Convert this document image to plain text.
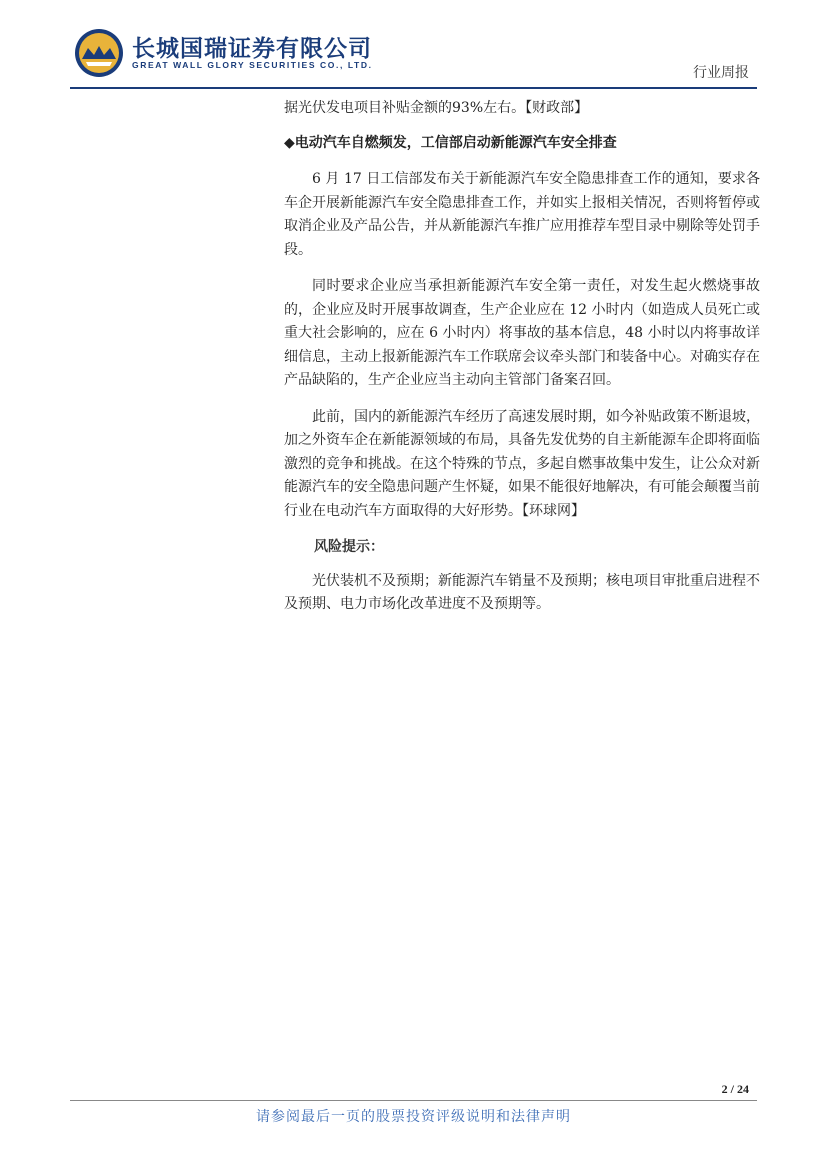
长城国瑞证券有限公司
GREAT WALL GLORY SECURITIES CO., LTD.	行业周报

据光伏发电项目补贴金额的93%左右。【财政部】

◆电动汽车自燃频发，工信部启动新能源汽车安全排查

6 月 17 日工信部发布关于新能源汽车安全隐患排查工作的通知，要求各车企开展新能源汽车安全隐患排查工作，并如实上报相关情况，否则将暂停或取消企业及产品公告，并从新能源汽车推广应用推荐车型目录中剔除等处罚手段。

同时要求企业应当承担新能源汽车安全第一责任，对发生起火燃烧事故的，企业应及时开展事故调查，生产企业应在 12 小时内（如造成人员死亡或重大社会影响的，应在 6 小时内）将事故的基本信息，48 小时以内将事故详细信息，主动上报新能源汽车工作联席会议牵头部门和装备中心。对确实存在产品缺陷的，生产企业应当主动向主管部门备案召回。

此前，国内的新能源汽车经历了高速发展时期，如今补贴政策不断退坡，加之外资车企在新能源领域的布局，具备先发优势的自主新能源车企即将面临激烈的竞争和挑战。在这个特殊的节点，多起自燃事故集中发生，让公众对新能源汽车的安全隐患问题产生怀疑，如果不能很好地解决，有可能会颠覆当前行业在电动汽车方面取得的大好形势。【环球网】

风险提示：

光伏装机不及预期；新能源汽车销量不及预期；核电项目审批重启进程不及预期、电力市场化改革进度不及预期等。

2 / 24
请参阅最后一页的股票投资评级说明和法律声明
